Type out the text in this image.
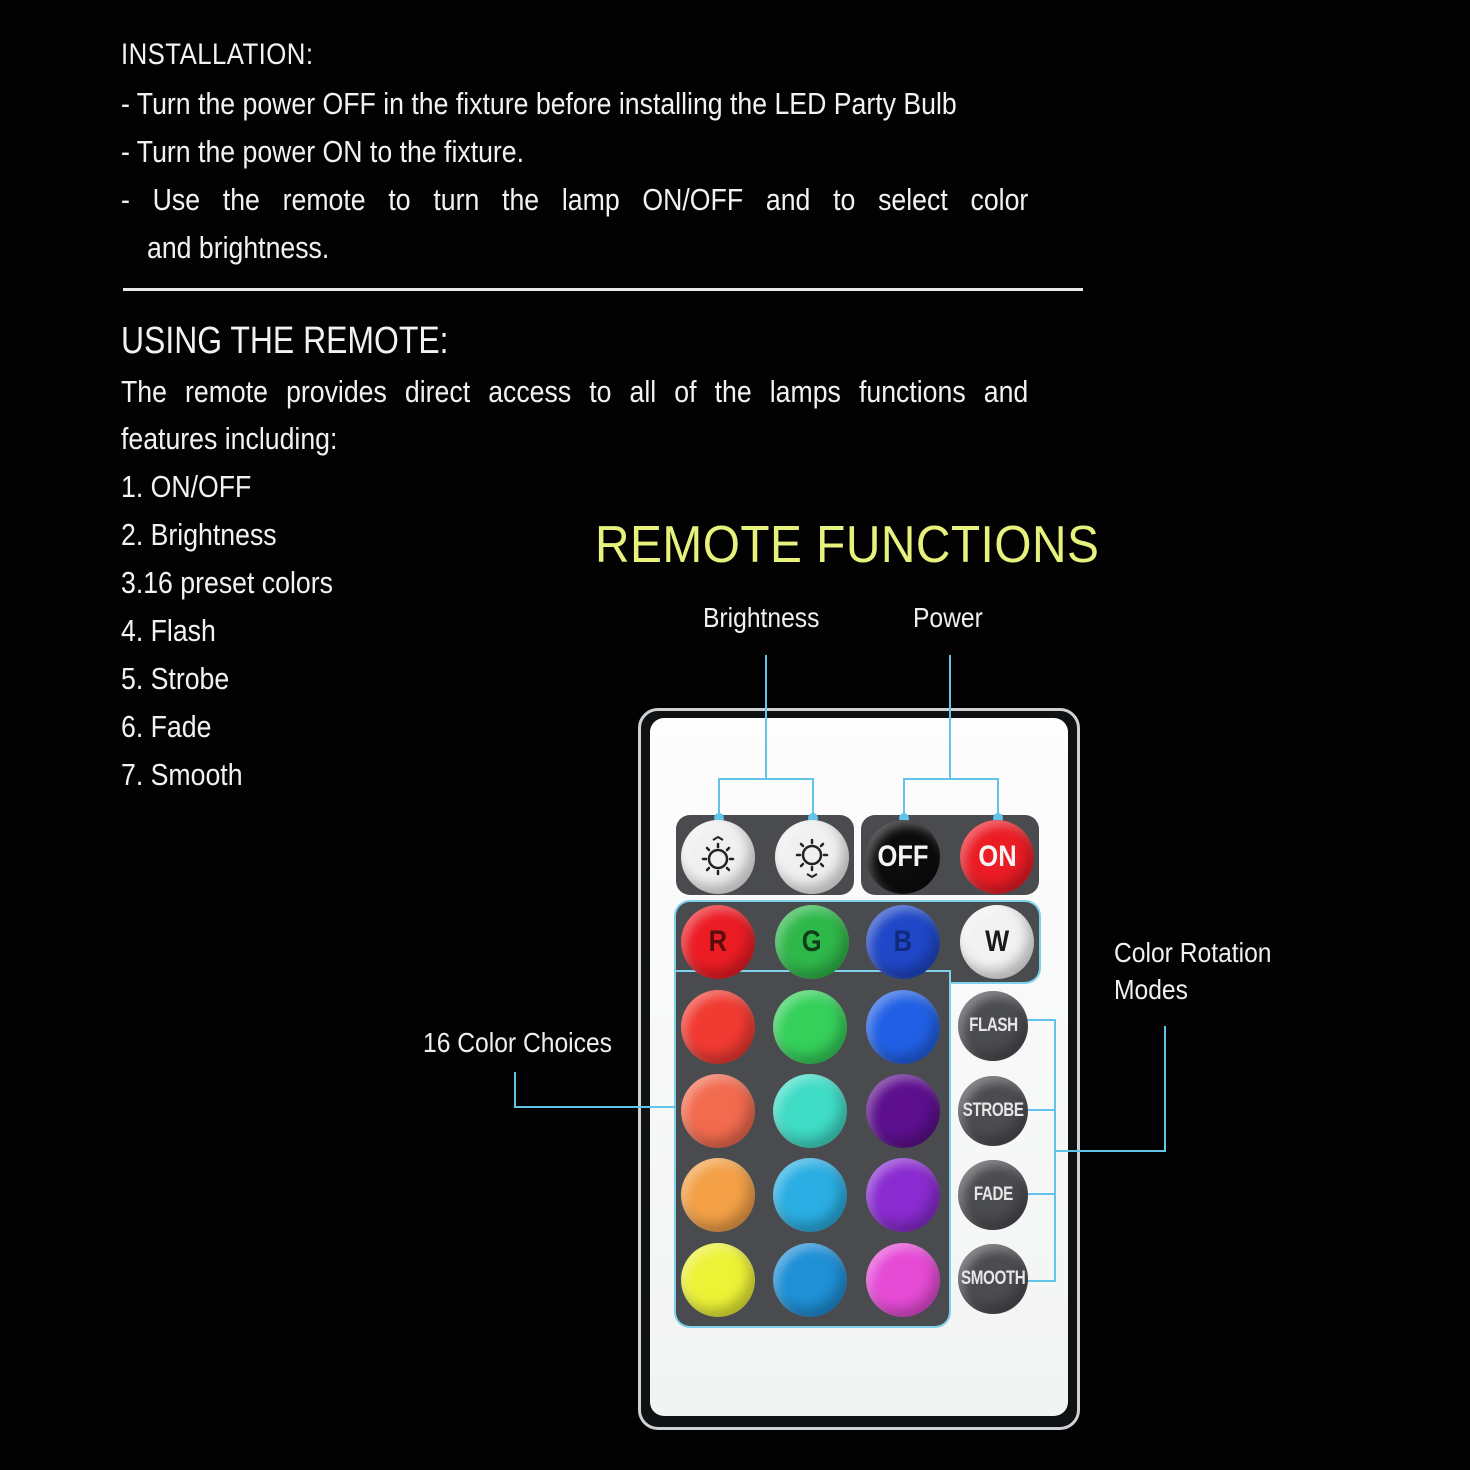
INSTALLATION:
- Turn the power OFF in the fixture before installing the LED Party Bulb
- Turn the power ON to the fixture.
- Use the remote to turn the lamp ON/OFF and to select color
and brightness.
USING THE REMOTE:
The remote provides direct access to all of the lamps functions and
features including:
1. ON/OFF
2. Brightness
3.16 preset colors
4. Flash
5. Strobe
6. Fade
7. Smooth
REMOTE FUNCTIONS
Brightness	Power
16 Color Choices
Color Rotation
Modes
OFF ON
R G B W
FLASH
STROBE
FADE
SMOOTH
